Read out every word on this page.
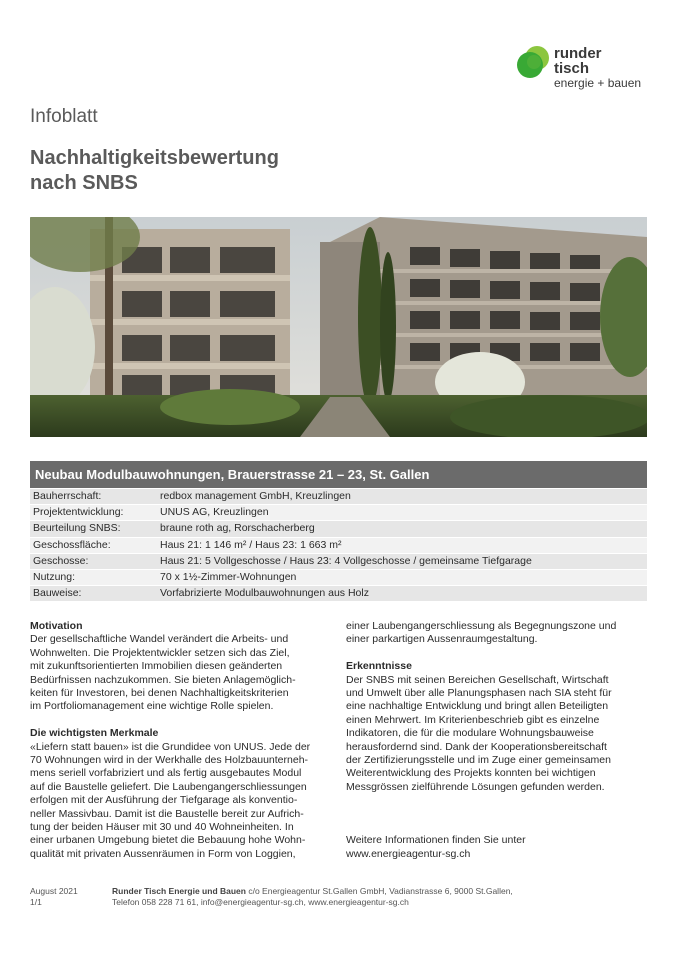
runder
tisch
energie + bauen
Infoblatt
Nachhaltigkeitsbewertung
nach SNBS
Neubau Modulbauwohnungen, Brauerstrasse 21 – 23, St. Gallen
Bauherrschaft:	redbox management GmbH, Kreuzlingen
Projektentwicklung:	UNUS AG, Kreuzlingen
Beurteilung SNBS:	braune roth ag, Rorschacherberg
Geschossfläche:	Haus 21: 1 146 m² / Haus 23: 1 663 m²
Geschosse:	Haus 21: 5 Vollgeschosse / Haus 23: 4 Vollgeschosse / gemeinsame Tiefgarage
Nutzung:	70 x 1½-Zimmer-Wohnungen
Bauweise:	Vorfabrizierte Modulbauwohnungen aus Holz
Motivation

Der gesellschaftliche Wandel verändert die Arbeits- und

Wohnwelten. Die Projektentwickler setzen sich das Ziel,

mit zukunftsorientierten Immobilien diesen geänderten

Bedürfnissen nachzukommen. Sie bieten Anlagemöglich-

keiten für Investoren, bei denen Nachhaltigkeitskriterien

im Portfoliomanagement eine wichtige Rolle spielen.

Die wichtigsten Merkmale

«Liefern statt bauen» ist die Grundidee von UNUS. Jede der

70 Wohnungen wird in der Werkhalle des Holzbauunterneh-

mens seriell vorfabriziert und als fertig ausgebautes Modul

auf die Baustelle geliefert. Die Laubengangerschliessungen

erfolgen mit der Ausführung der Tiefgarage als konventio-

neller Massivbau. Damit ist die Baustelle bereit zur Aufrich-

tung der beiden Häuser mit 30 und 40 Wohneinheiten. In

einer urbanen Umgebung bietet die Bebauung hohe Wohn-

qualität mit privaten Aussenräumen in Form von Loggien,

einer Laubengangerschliessung als Begegnungszone und

einer parkartigen Aussenraumgestaltung.

Erkenntnisse

Der SNBS mit seinen Bereichen Gesellschaft, Wirtschaft

und Umwelt über alle Planungsphasen nach SIA steht für

eine nachhaltige Entwicklung und bringt allen Beteiligten

einen Mehrwert. Im Kriterienbeschrieb gibt es einzelne

Indikatoren, die für die modulare Wohnungsbauweise

herausfordernd sind. Dank der Kooperationsbereitschaft

der Zertifizierungsstelle und im Zuge einer gemeinsamen

Weiterentwicklung des Projekts konnten bei wichtigen

Messgrössen zielführende Lösungen gefunden werden.

Weitere Informationen finden Sie unter

www.energieagentur-sg.ch

August 2021
1/1
Runder Tisch Energie und Bauen c/o Energieagentur St.Gallen GmbH, Vadianstrasse 6, 9000 St.Gallen,
Telefon 058 228 71 61, info@energieagentur-sg.ch, www.energieagentur-sg.ch
